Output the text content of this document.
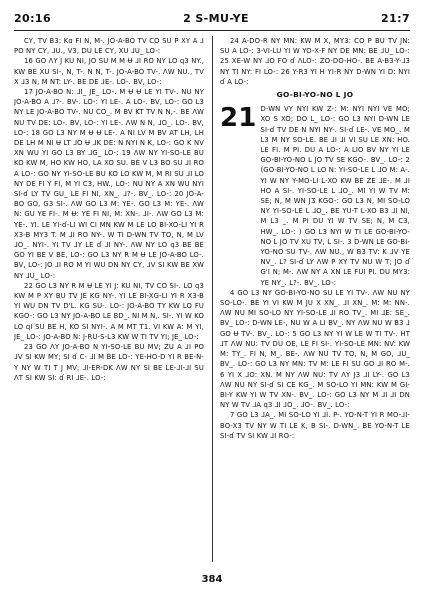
20:16	2 S-MU-YE	21:7

CY, TV B3: Kɑ FI N, M-. JO-A-BO TV CO SU P XY A ⅃ PO NY CY, ⅃U., V3, DU LE CY, XU ⅃U_ LO-:

16 GO ɅY J KU NI, JO SU M M Ʉ ⅃I RO NY LO q3 NY., KW BE XU SI-, N, T-. N N, T-. JO-A-BO TV-. ɅW NU., TV X ⅃3 N, M NT: LY-. BE DE ⅃E-. LO-. BV, LO-:

17 JO-A-BO N: ⅃I_ JE_ LO-. M Ʉ Ʉ LE YI TV-. NU NY JO-A-BO A ⅃?-. BV-. LO-: YI LE-. A LO-. BV, LO-: GO L3 NY LE JO-A-BO TV-. NU CO_. M BV KT TV N N,-. BE ɅW NU TV DE: LO-. BV, LO-: YI LE-. ɅW N N, ⅃O_. LO-. BV, LO-: 18 GO L3 NY M Ʉ Ʉ LE-. A NI LV M BV AT LH, LH DE LH M NI Ʉ LT ⅃O Ʉ ⅃K DE: N NYI N K, LO-: GO K NV XN WU YI GO L3 BY ⅃G_ LO-: 19 ɅW NY YI-SO-LE BU KO KW M, HO KW HO, LA XO SU. BE V L3 BO SU ⅃I RO A LO-: GO NY YI-SO-LE BU KO LO KW M, M RI SU ⅃I LO NY DE FI Y FI, M YI C3, HW., LO-: NU NY A XN WU NYI SI-ɗ LY TV GU_ LE FI NI, XN_. ⅃?-. BV_. LO-: 20 JO-A-BO GO, G3 SI-. ɅW GO L3 M: YE-. GO L3 M: YE-. ɅW N: GU YE FI-. M Ʉ: YE FI NI, M: XN-. ⅃I-. ɅW GO L3 M: YE-. YI. LE YI-ɗ-LI WI CI MN KW M LE LO BI-XO-LI YI R X3-B MY3 T. M ⅃I RO NY-. W TI D-WN TV TO, N, M LV ⅃O_. NYI-. YI TV ⅃Y LE ɗ ⅃I NY-. ɅW NY LO q3 BE BE GO YI BE V BE, LO-: GO L3 NY R M Ʉ LE JO-A-BO LO-. BV, LO-: JO ⅃I RO M YI WU DN NY CY, ⅃V SI KW BE XW NY ⅃U_ LO-:

22 GO L3 NY R M Ʉ LE YI J: KU NI, TV CO SI-. LO q3 KW M P XY BU TV JE KG NY-. YI LE BI-XG-LI YI R X3-B YI WU DN TV D'L. KG SU-. LO-: JO-A-BO TY KW LO FU KGO-: GO L3 NY JO-A-BO LE BD_. NI M N,. SI-. YI W KO LO qI SU BE H, KO SI NYI-. A M MT T1. VI KW A: M YI, JE_ LO-: JO-A-BO N: J-RU-S-L3 KW W TI TV YI; JE_ LO-:

23 GO ɅY JO-A-BO N YI-SO-LE BU MV; ZU A ⅃I PO ⅃V SI KW MY; SI ɗ C- ⅃I M BE LO-: YE-HO-D YI R BE-N-Y NY W TI T J MV; ⅃I-ER-DK ɅW NY SI BE LE-⅃I-⅃I SU ɅT SI KW SI: ɗ RI ⅃E-. LO-:

24 A-DO-R NY MN: KW M X, MY3: CO P BU TV JN: SU A LO-: 3-VI-LU YI W YO-X-F NY DE MN: BE ⅃U_ LO-: 25 XE-W NY ⅃O FO ɗ ɅLO-: ZO-DO-HO-. BE A-B3-Y-⅃3 NY TI NY: FI LO-: 26 Y-R3 YI H YI-R NY D-WN YI D: NYI ɗ A LO-:

GO-BI-YO-NO L JO
21 D-WN VY NYI KW Z-: M: NYI NYI VE MO; XO S XO; DO L_ LO-: GO L3 NYI D-WN LE SI-ɗ TV DE N NYI NY-. SI-ɗ LE-. VE MO_. M L3 M NY SO-LE. BE ⅃I ⅃I VI SU LE XN: HO. LE FI. M PI. DU A LO-: A LIO BV NY YI LE GO-BI-YO-NO L JO TV SE KGO-. BV_. LO-: 2 (GO-BI-YO-NO L LO N: YI-SO-LE L ⅃O M: A-. YI W NY Y-MO-LI L-XO KW BE ZE ⅃E-. M ⅃I HO A SI-. YI-SO-LE L ⅃O_. MI YI W TV M: SE; N, M WN JƷ KGO-: GO L3 N, MI SO-LO NY YI-SO-LE L ⅃O_. BE YU-T L-XO B3 ⅃I NI, M L3 _. M PI DU YI W TV SE; N, M C3, HW_. LO-: ) GO L3 NYI W TI LE GO-BI-YO-NO L JO TV XU TV, L SI-. 3 D-WN LE GO-BI-YO-NO SU TV-. ɅW NU., W B3 TV: K ⅃V YE NV_. L? SI-ɗ LY ɅW P XY TV NU W T; JO ɗ G'I N; M-. ɅW NY A XN LE FUI PI. DU MY3: YE NY_. L?-. BV_. LO-:

4 GO L3 NY GO-BI-YO-NO SU LE YI TV-. ɅW NU NY SO-LO-. BE YI VI KW M JU X XN_. ⅃I XN_. M: M: NN-. ɅW NU MI SO-LO NY YI-SO-LE ⅃I RO TV_. MI ⅃E: SE_. BV_ LO-: D-WN LE-, NU W A LI BV_. NY ɅW NU W B3 ⅃ GO Ʉ TV-. BV_. LO-: 5 GO L3 NY YI W LE W TI TV-. HT ⅃T ɅW NU: TV DU OE, LE FI SI-. YI-SO-LE MN: NV: KW M: TY_. FI N, M_. BE-. ɅW NU TV TO, N, M GO, ⅃U_ BV_. LO-: GO L3 NY MN: TV M: LE FI SU GO ⅃I RO M-. 6 YI X ⅃O: XN. M NY ɅW NU: TV ɅY J3 ⅃I LY-. GO L3 ɅW NU NY SI-ɗ SI CE KG_. M SO-LO YI MN: KW M GI-BI-Y KW YI W TV XN-. BV_. LO-: GO L3 NY M ⅃I ⅃I DN NY W TV ⅃A q3 ⅃I ⅃O_. ⅃O-. BV_. LO-:

7 GO L3 ⅃A_. MI SO-LO YI ⅃I. P-. YO-N-T YI R MO-⅃I-BO-X3 TV NY W TI LE K, B SI-. D-WN_. BE YO-N-T LE SI-ɗ TV SI KW ⅃I RO-:

384
